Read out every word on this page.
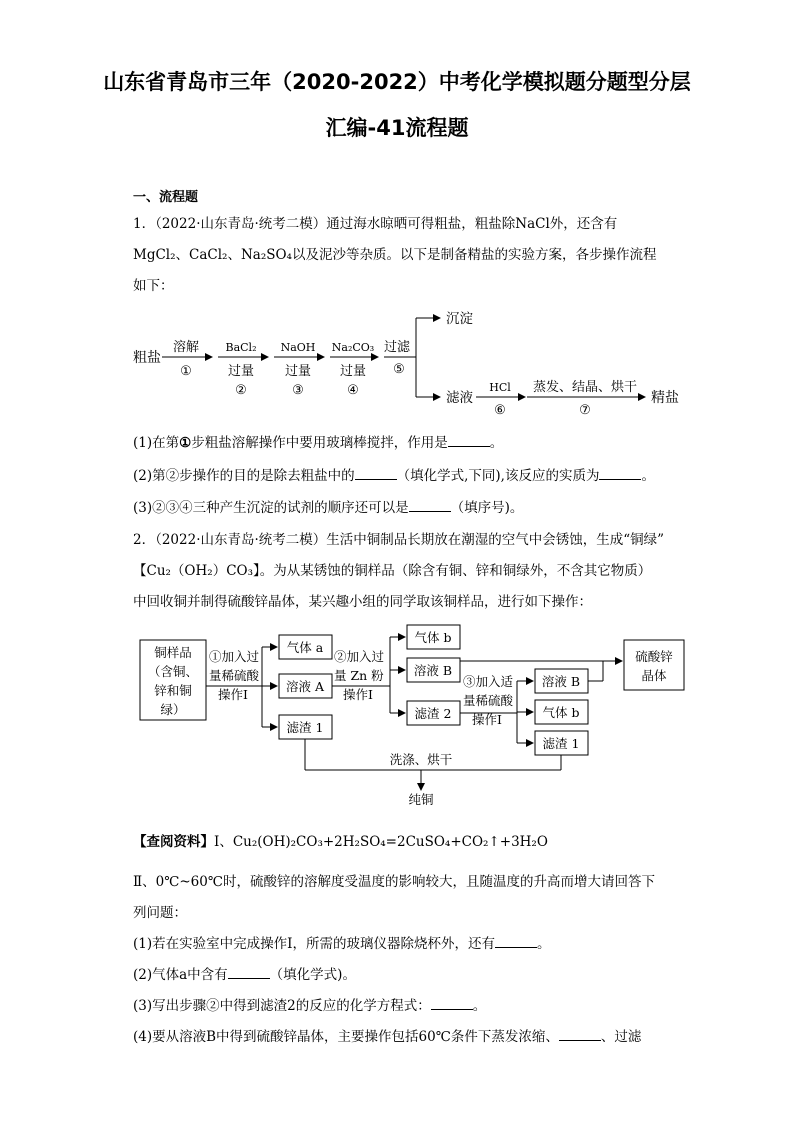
山东省青岛市三年（2020-2022）中考化学模拟题分题型分层
汇编-41流程题
一、流程题
1．（2022·山东青岛·统考二模）通过海水晾晒可得粗盐，粗盐除NaCl外，还含有
MgCl₂、CaCl₂、Na₂SO₄以及泥沙等杂质。以下是制备精盐的实验方案，各步操作流程
如下：
粗盐
溶解
①
BaCl₂
过量
②
NaOH
过量
③
Na₂CO₃
过量
④
过滤
⑤
沉淀
滤液
HCl
⑥
蒸发、结晶、烘干
⑦
精盐
(1)在第①步粗盐溶解操作中要用玻璃棒搅拌，作用是	。
(2)第②步操作的目的是除去粗盐中的	（填化学式,下同),该反应的实质为	。
(3)②③④三种产生沉淀的试剂的顺序还可以是	（填序号)。
2．（2022·山东青岛·统考二模）生活中铜制品长期放在潮湿的空气中会锈蚀，生成“铜绿”
【Cu₂（OH₂）CO₃】。为从某锈蚀的铜样品（除含有铜、锌和铜绿外，不含其它物质）
中回收铜并制得硫酸锌晶体，某兴趣小组的同学取该铜样品，进行如下操作：
铜样品
（含铜、
锌和铜
绿）
①加入过
量稀硫酸
操作Ⅰ
气体 a
溶液 A
滤渣 1
②加入过
量 Zn 粉
操作Ⅰ
气体 b
溶液 B
滤渣 2
③加入适
量稀硫酸
操作Ⅰ
溶液 B
气体 b
滤渣 1
硫酸锌
晶体
洗涤、烘干
纯铜
【查阅资料】Ⅰ、Cu₂(OH)₂CO₃+2H₂SO₄=2CuSO₄+CO₂↑+3H₂O
Ⅱ、0℃~60℃时，硫酸锌的溶解度受温度的影响较大，且随温度的升高而增大请回答下
列问题：
(1)若在实验室中完成操作Ⅰ，所需的玻璃仪器除烧杯外，还有	。
(2)气体a中含有	（填化学式)。
(3)写出步骤②中得到滤渣2的反应的化学方程式：	。
(4)要从溶液B中得到硫酸锌晶体，主要操作包括60℃条件下蒸发浓缩、	、过滤
